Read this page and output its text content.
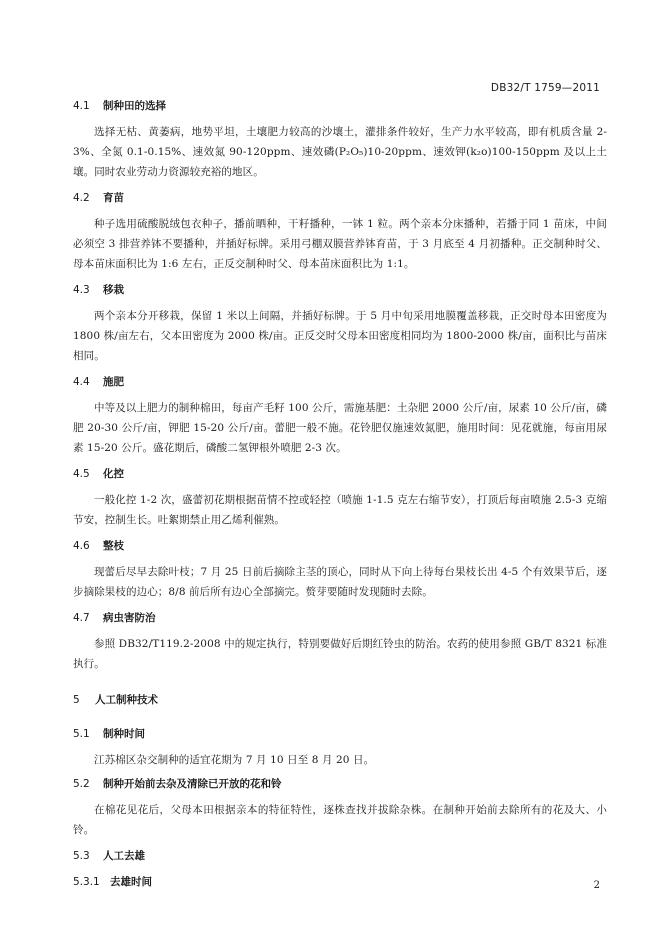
DB32/T 1759—2011
4.1 制种田的选择

选择无枯、黄萎病，地势平坦，土壤肥力较高的沙壤土，灌排条件较好，生产力水平较高，即有机质含量 2-3%、全氮 0.1-0.15%、速效氮 90-120ppm、速效磷(P₂O₅)10-20ppm、速效钾(k₂o)100-150ppm 及以上土壤。同时农业劳动力资源较充裕的地区。

4.2 育苗

种子选用硫酸脱绒包衣种子，播前晒种，干籽播种，一钵 1 粒。两个亲本分床播种，若播于同 1 苗床，中间必须空 3 排营养钵不要播种，并插好标牌。采用弓棚双膜营养钵育苗，于 3 月底至 4 月初播种。正交制种时父、母本苗床面积比为 1:6 左右，正反交制种时父、母本苗床面积比为 1:1。

4.3 移栽

两个亲本分开移栽，保留 1 米以上间隔，并插好标牌。于 5 月中旬采用地膜覆盖移栽，正交时母本田密度为 1800 株/亩左右，父本田密度为 2000 株/亩。正反交时父母本田密度相同均为 1800-2000 株/亩，面积比与苗床相同。

4.4 施肥

中等及以上肥力的制种棉田，每亩产毛籽 100 公斤，需施基肥：土杂肥 2000 公斤/亩，尿素 10 公斤/亩，磷肥 20-30 公斤/亩，钾肥 15-20 公斤/亩。蕾肥一般不施。花铃肥仅施速效氮肥，施用时间：见花就施，每亩用尿素 15-20 公斤。盛花期后，磷酸二氢钾根外喷肥 2-3 次。

4.5 化控

一般化控 1-2 次，盛蕾初花期根据苗情不控或轻控（喷施 1-1.5 克左右缩节安），打顶后每亩喷施 2.5-3 克缩节安，控制生长。吐絮期禁止用乙烯利催熟。

4.6 整枝

现蕾后尽早去除叶枝；7 月 25 日前后摘除主茎的顶心，同时从下向上待每台果枝长出 4-5 个有效果节后，逐步摘除果枝的边心；8/8 前后所有边心全部摘完。赘芽要随时发现随时去除。

4.7 病虫害防治

参照 DB32/T119.2-2008 中的规定执行，特别要做好后期红铃虫的防治。农药的使用参照 GB/T 8321 标准执行。

5 人工制种技术
5.1 制种时间

江苏棉区杂交制种的适宜花期为 7 月 10 日至 8 月 20 日。

5.2 制种开始前去杂及清除已开放的花和铃

在棉花见花后，父母本田根据亲本的特征特性，逐株查找并拔除杂株。在制种开始前去除所有的花及大、小铃。

5.3 人工去雄
5.3.1 去雄时间	2
